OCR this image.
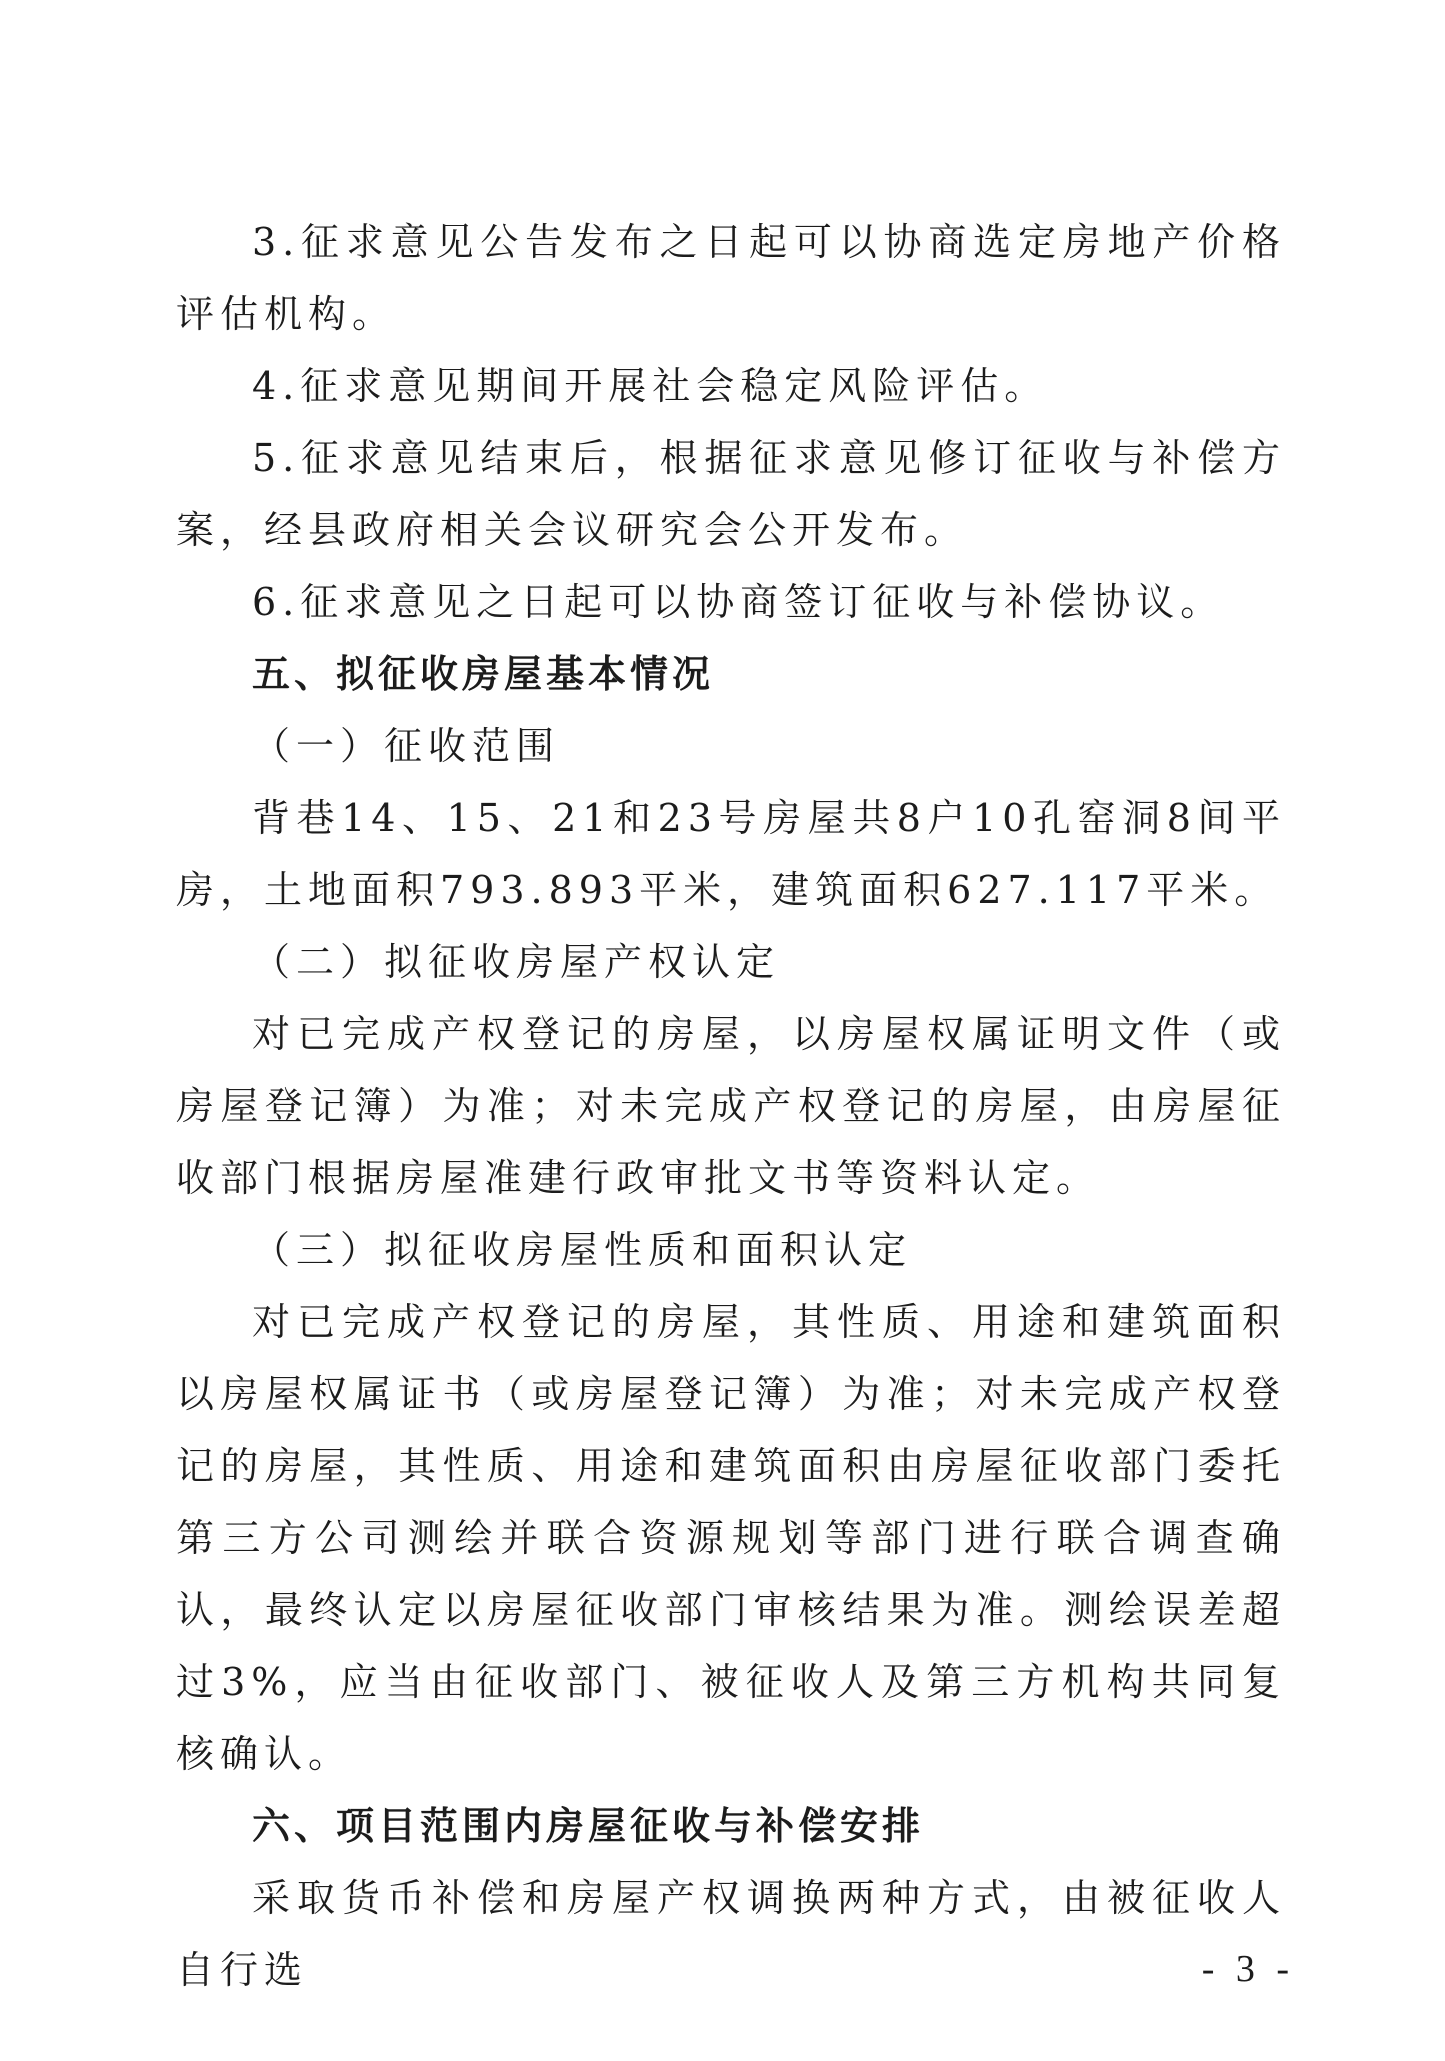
3.征求意见公告发布之日起可以协商选定房地产价格评估机构。

4.征求意见期间开展社会稳定风险评估。

5.征求意见结束后，根据征求意见修订征收与补偿方案，经县政府相关会议研究会公开发布。

6.征求意见之日起可以协商签订征收与补偿协议。

五、拟征收房屋基本情况

（一）征收范围

背巷14、15、21和23号房屋共8户10孔窑洞8间平房，土地面积793.893平米，建筑面积627.117平米。

（二）拟征收房屋产权认定

对已完成产权登记的房屋，以房屋权属证明文件（或房屋登记簿）为准；对未完成产权登记的房屋，由房屋征收部门根据房屋准建行政审批文书等资料认定。

（三）拟征收房屋性质和面积认定

对已完成产权登记的房屋，其性质、用途和建筑面积以房屋权属证书（或房屋登记簿）为准；对未完成产权登记的房屋，其性质、用途和建筑面积由房屋征收部门委托第三方公司测绘并联合资源规划等部门进行联合调查确认，最终认定以房屋征收部门审核结果为准。测绘误差超过3%，应当由征收部门、被征收人及第三方机构共同复核确认。

六、项目范围内房屋征收与补偿安排

采取货币补偿和房屋产权调换两种方式，由被征收人自行选	- 3 -
